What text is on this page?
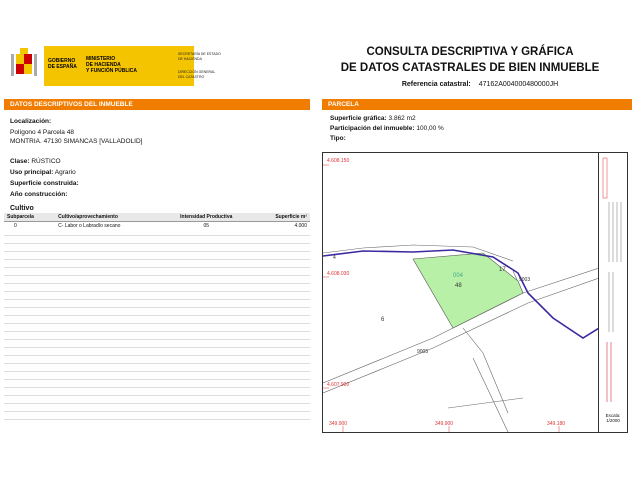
GOBIERNO
DE ESPAÑA
MINISTERIO
DE HACIENDA
Y FUNCIÓN PÚBLICA
SECRETARÍA DE ESTADO
DE HACIENDA
DIRECCIÓN GENERAL
DEL CATASTRO
CONSULTA DESCRIPTIVA Y GRÁFICA
DE DATOS CATASTRALES DE BIEN INMUEBLE
Referencia catastral: 47162A004000480000JH
DATOS DESCRIPTIVOS DEL INMUEBLE	PARCELA
Localización:
Polígono 4 Parcela 48
MONTRIA. 47130 SIMANCAS [VALLADOLID]
Clase: RÚSTICO
Uso principal: Agrario
Superficie construida:
Año construcción:
Cultivo
Subparcela	Cultivo/aprovechamiento	Intensidad Productiva	Superficie m²
0	C- Labor o Labradío secano	05	4.000
Superficie gráfica: 3.862 m2
Participación del inmueble: 100,00 %
Tipo:
4.608.150
4.608.030
4.607.900
349.900	349.900	349.180
004
48
17
9003
6
9005
4
Escala:
1/2000
